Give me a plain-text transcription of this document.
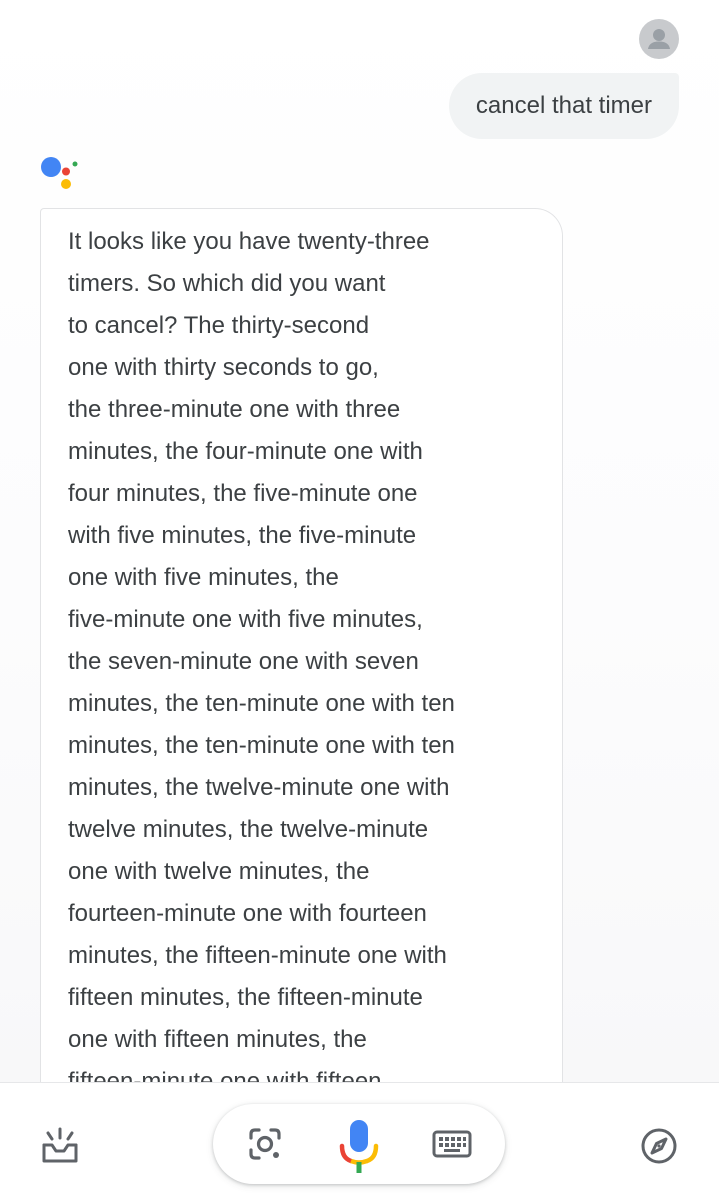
cancel that timer

It looks like you have twenty-three
timers. So which did you want
to cancel? The thirty-second
one with thirty seconds to go,
the three-minute one with three
minutes, the four-minute one with
four minutes, the five-minute one
with five minutes, the five-minute
one with five minutes, the
five-minute one with five minutes,
the seven-minute one with seven
minutes, the ten-minute one with ten
minutes, the ten-minute one with ten
minutes, the twelve-minute one with
twelve minutes, the twelve-minute
one with twelve minutes, the
fourteen-minute one with fourteen
minutes, the fifteen-minute one with
fifteen minutes, the fifteen-minute
one with fifteen minutes, the
